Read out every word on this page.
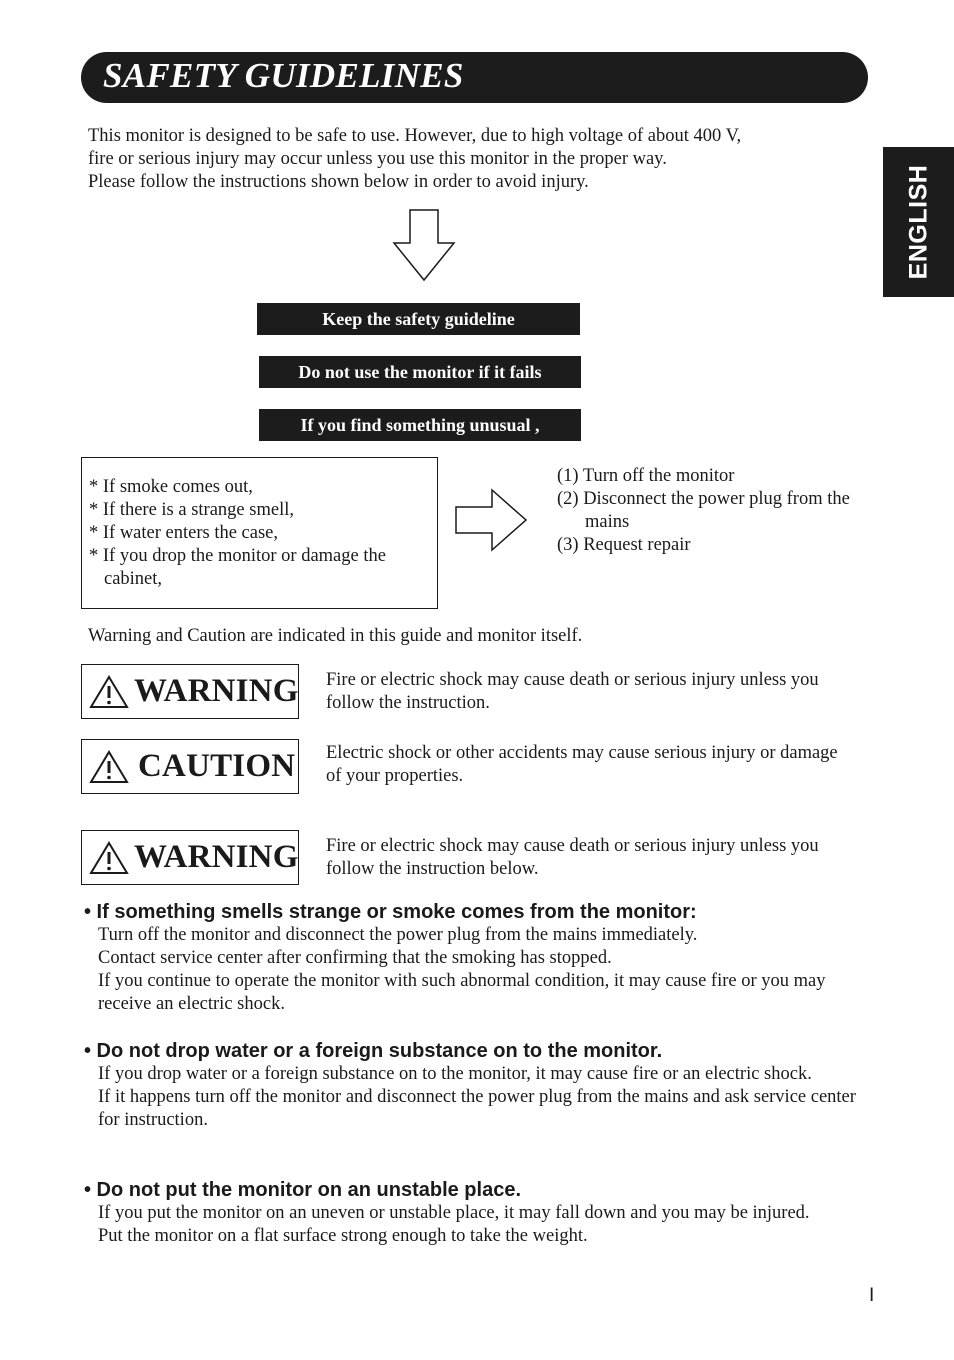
SAFETY GUIDELINES
ENGLISH
This monitor is designed to be safe to use. However, due to high voltage of about 400 V,
fire or serious injury may occur unless you use this monitor in the proper way.
Please follow the instructions shown below in order to avoid injury.
Keep the safety guideline
Do not use the monitor if it fails
If you find something unusual ,
* If smoke comes out,
* If there is a strange smell,
* If water enters the case,
* If you drop the monitor or damage the cabinet,
(1) Turn off the monitor
(2) Disconnect the power plug from the mains
(3) Request repair
Warning and Caution are indicated in this guide and monitor itself.
WARNING Fire or electric shock may cause death or serious injury unless you follow the instruction.
CAUTION Electric shock or other accidents may cause serious injury or damage of your properties.
WARNING Fire or electric shock may cause death or serious injury unless you follow the instruction below.
• If something smells strange or smoke comes from the monitor:

Turn off the monitor and disconnect the power plug from the mains immediately.

Contact service center after confirming that the smoking has stopped.

If you continue to operate the monitor with such abnormal condition, it may cause fire or you may receive an electric shock.

• Do not drop water or a foreign substance on to the monitor.

If you drop water or a foreign substance on to the monitor, it may cause fire or an electric shock.

If it happens turn off the monitor and disconnect the power plug from the mains and ask service center for instruction.

• Do not put the monitor on an unstable place.

If you put the monitor on an uneven or unstable place, it may fall down and you may be injured.

Put the monitor on a flat surface strong enough to take the weight.

I
